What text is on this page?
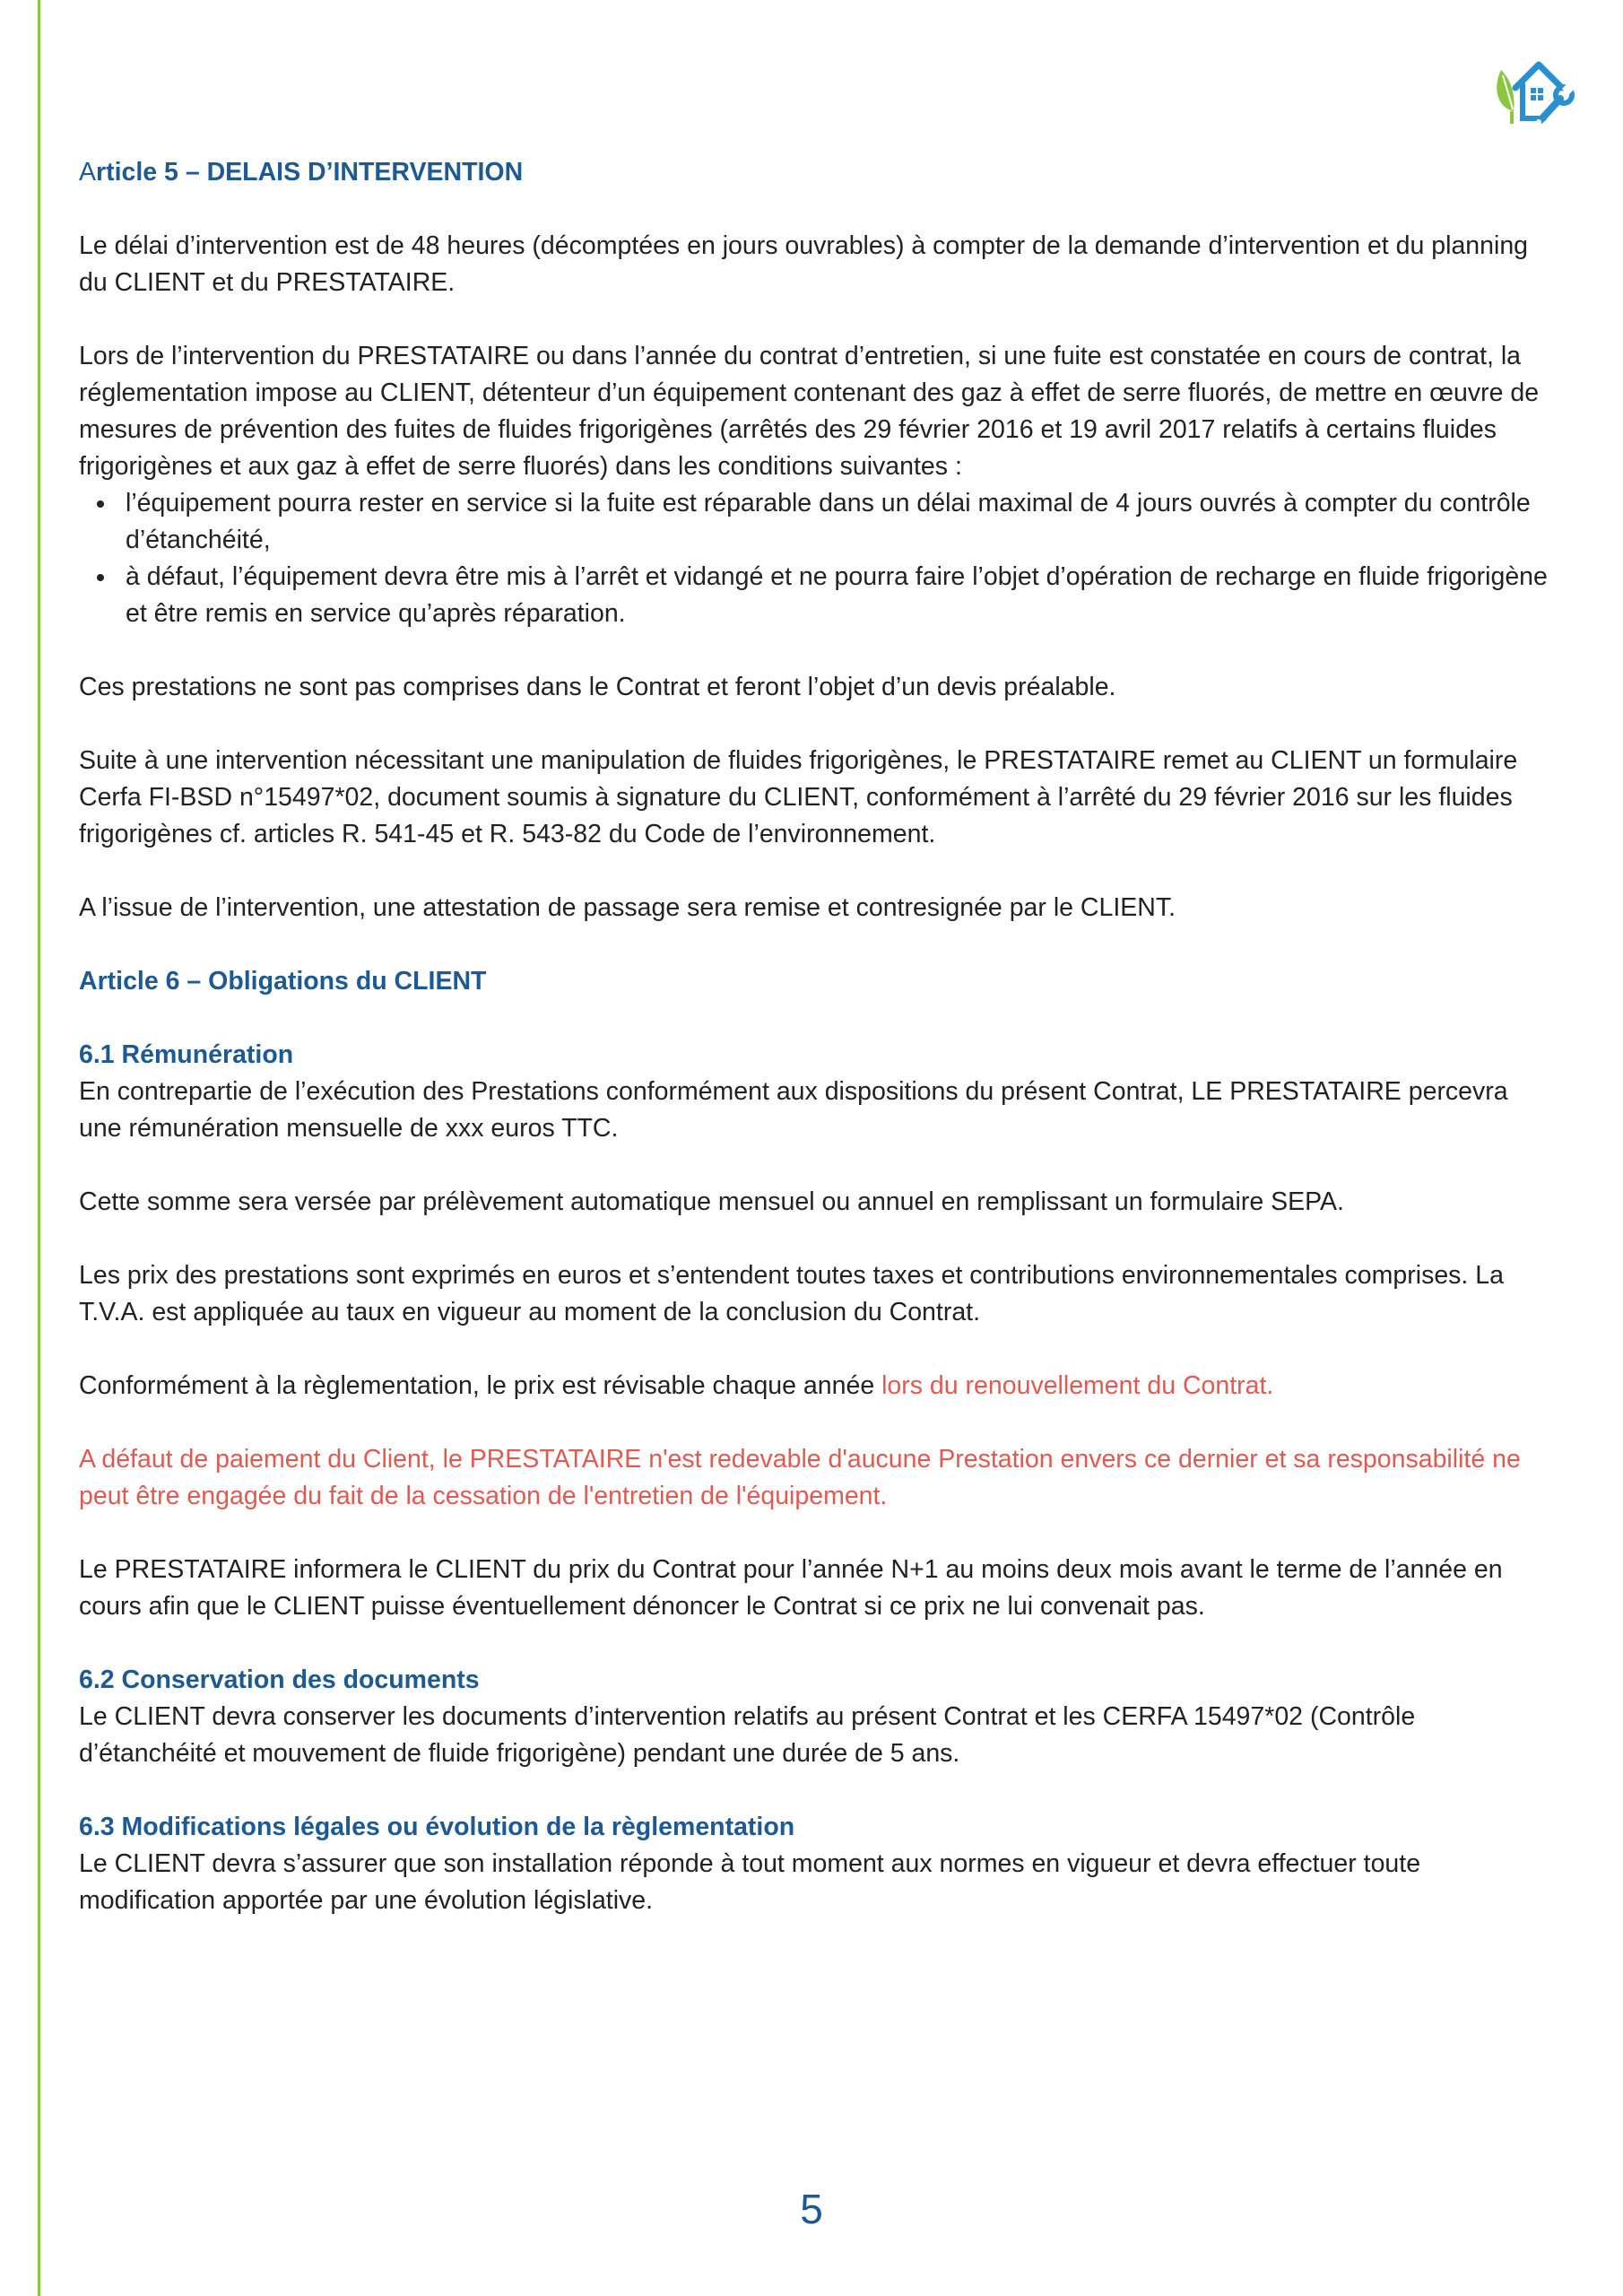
Article 5 – DELAIS D’INTERVENTION

Le délai d’intervention est de 48 heures (décomptées en jours ouvrables) à compter de la demande d’intervention et du planning du CLIENT et du PRESTATAIRE.

Lors de l’intervention du PRESTATAIRE ou dans l’année du contrat d’entretien, si une fuite est constatée en cours de contrat, la réglementation impose au CLIENT, détenteur d’un équipement contenant des gaz à effet de serre fluorés, de mettre en œuvre de mesures de prévention des fuites de fluides frigorigènes (arrêtés des 29 février 2016 et 19 avril 2017 relatifs à certains fluides frigorigènes et aux gaz à effet de serre fluorés) dans les conditions suivantes :

l’équipement pourra rester en service si la fuite est réparable dans un délai maximal de 4 jours ouvrés à compter du contrôle d’étanchéité,
à défaut, l’équipement devra être mis à l’arrêt et vidangé et ne pourra faire l’objet d’opération de recharge en fluide frigorigène et être remis en service qu’après réparation.

Ces prestations ne sont pas comprises dans le Contrat et feront l’objet d’un devis préalable.

Suite à une intervention nécessitant une manipulation de fluides frigorigènes, le PRESTATAIRE remet au CLIENT un formulaire Cerfa FI-BSD n°15497*02, document soumis à signature du CLIENT, conformément à l’arrêté du 29 février 2016 sur les fluides frigorigènes cf. articles R. 541-45 et R. 543-82 du Code de l’environnement.

A l’issue de l’intervention, une attestation de passage sera remise et contresignée par le CLIENT.

Article 6 – Obligations du CLIENT

6.1 Rémunération
En contrepartie de l’exécution des Prestations conformément aux dispositions du présent Contrat, LE PRESTATAIRE percevra une rémunération mensuelle de xxx euros TTC.

Cette somme sera versée par prélèvement automatique mensuel ou annuel en remplissant un formulaire SEPA.

Les prix des prestations sont exprimés en euros et s’entendent toutes taxes et contributions environnementales comprises. La T.V.A. est appliquée au taux en vigueur au moment de la conclusion du Contrat.

Conformément à la règlementation, le prix est révisable chaque année lors du renouvellement du Contrat.

A défaut de paiement du Client, le PRESTATAIRE n'est redevable d'aucune Prestation envers ce dernier et sa responsabilité ne peut être engagée du fait de la cessation de l'entretien de l'équipement.

Le PRESTATAIRE informera le CLIENT du prix du Contrat pour l’année N+1 au moins deux mois avant le terme de l’année en cours afin que le CLIENT puisse éventuellement dénoncer le Contrat si ce prix ne lui convenait pas.

6.2 Conservation des documents
Le CLIENT devra conserver les documents d’intervention relatifs au présent Contrat et les CERFA 15497*02 (Contrôle d’étanchéité et mouvement de fluide frigorigène) pendant une durée de 5 ans.

6.3 Modifications légales ou évolution de la règlementation
Le CLIENT devra s’assurer que son installation réponde à tout moment aux normes en vigueur et devra effectuer toute modification apportée par une évolution législative.

5
